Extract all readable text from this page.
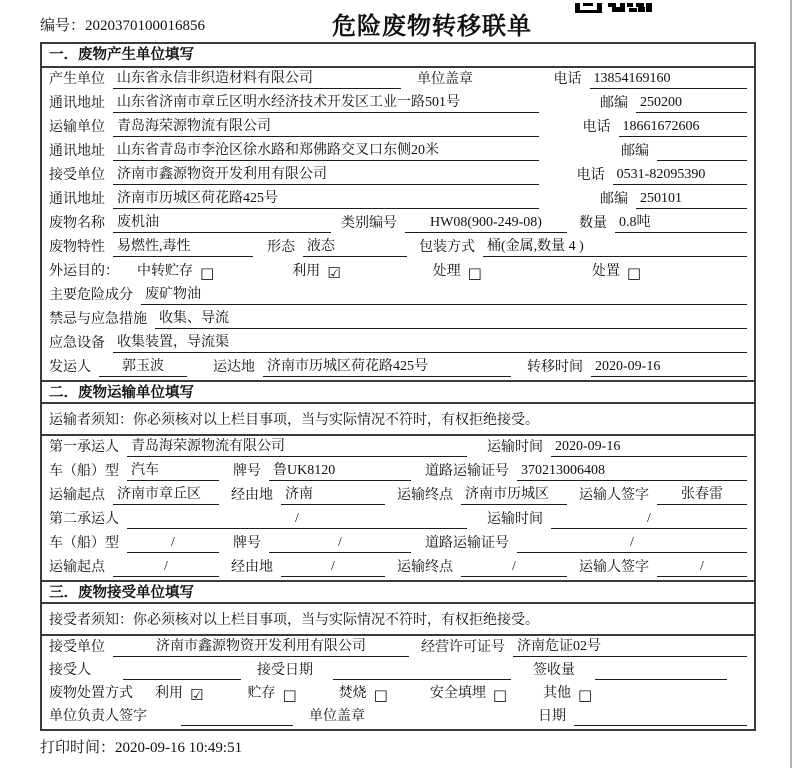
编号：2020370100016856	危险废物转移联单
一．废物产生单位填写
产生单位 山东省永信非织造材料有限公司	单位盖章	电话 13854169160
通讯地址 山东省济南市章丘区明水经济技术开发区工业一路501号	邮编 250200
运输单位 青岛海荣源物流有限公司	电话 18661672606
通讯地址 山东省青岛市李沧区徐水路和郑佛路交叉口东侧20米	邮编
接受单位 济南市鑫源物资开发利用有限公司	电话 0531-82095390
通讯地址 济南市历城区荷花路425号	邮编 250101
废物名称 废机油	类别编号	HW08(900-249-08)	数量 0.8吨
废物特性 易燃性,毒性	形态 液态	包装方式 桶(金属,数量 4 )
外运目的： 中转贮存 □	利用 ☑	处理 □	处置 □
主要危险成分 废矿物油
禁忌与应急措施 收集、导流
应急设备 收集装置，导流渠
发运人	郭玉波	运达地 济南市历城区荷花路425号	转移时间 2020-09-16
二．废物运输单位填写
运输者须知：你必须核对以上栏目事项，当与实际情况不符时，有权拒绝接受。
第一承运人 青岛海荣源物流有限公司	运输时间 2020-09-16
车（船）型 汽车	牌号 鲁UK8120	道路运输证号 370213006408
运输起点 济南市章丘区	经由地 济南	运输终点 济南市历城区	运输人签字	张春雷
第二承运人	/	运输时间	/
车（船）型	/	牌号	/	道路运输证号	/
运输起点	/	经由地	/	运输终点	/	运输人签字	/
三．废物接受单位填写
接受者须知：你必须核对以上栏目事项，当与实际情况不符时，有权拒绝接受。
接受单位	济南市鑫源物资开发利用有限公司	经营许可证号 济南危证02号
接受人	接受日期	签收量
废物处置方式 利用 ☑	贮存 □	焚烧 □	安全填埋 □	其他 □
单位负责人签字	单位盖章	日期
打印时间：2020-09-16 10:49:51
